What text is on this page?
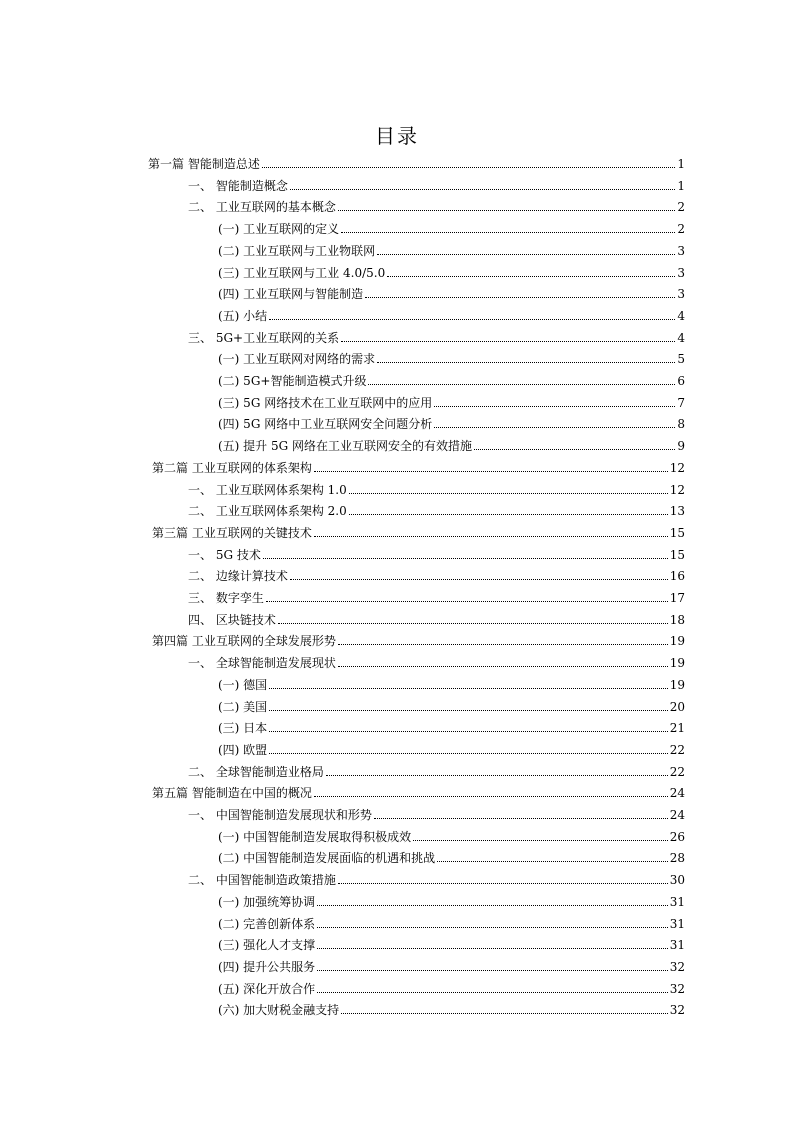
目录
第一篇 智能制造总述	1
一、 智能制造概念	1
二、 工业互联网的基本概念	2
(一) 工业互联网的定义	2
(二) 工业互联网与工业物联网	3
(三) 工业互联网与工业 4.0/5.0	3
(四) 工业互联网与智能制造	3
(五) 小结	4
三、 5G+工业互联网的关系	4
(一) 工业互联网对网络的需求	5
(二) 5G+智能制造模式升级	6
(三) 5G 网络技术在工业互联网中的应用	7
(四) 5G 网络中工业互联网安全问题分析	8
(五) 提升 5G 网络在工业互联网安全的有效措施	9
第二篇 工业互联网的体系架构	12
一、 工业互联网体系架构 1.0	12
二、 工业互联网体系架构 2.0	13
第三篇 工业互联网的关键技术	15
一、 5G 技术	15
二、 边缘计算技术	16
三、 数字孪生	17
四、 区块链技术	18
第四篇 工业互联网的全球发展形势	19
一、 全球智能制造发展现状	19
(一) 德国	19
(二) 美国	20
(三) 日本	21
(四) 欧盟	22
二、 全球智能制造业格局	22
第五篇 智能制造在中国的概况	24
一、 中国智能制造发展现状和形势	24
(一) 中国智能制造发展取得积极成效	26
(二) 中国智能制造发展面临的机遇和挑战	28
二、 中国智能制造政策措施	30
(一) 加强统筹协调	31
(二) 完善创新体系	31
(三) 强化人才支撑	31
(四) 提升公共服务	32
(五) 深化开放合作	32
(六) 加大财税金融支持	32
